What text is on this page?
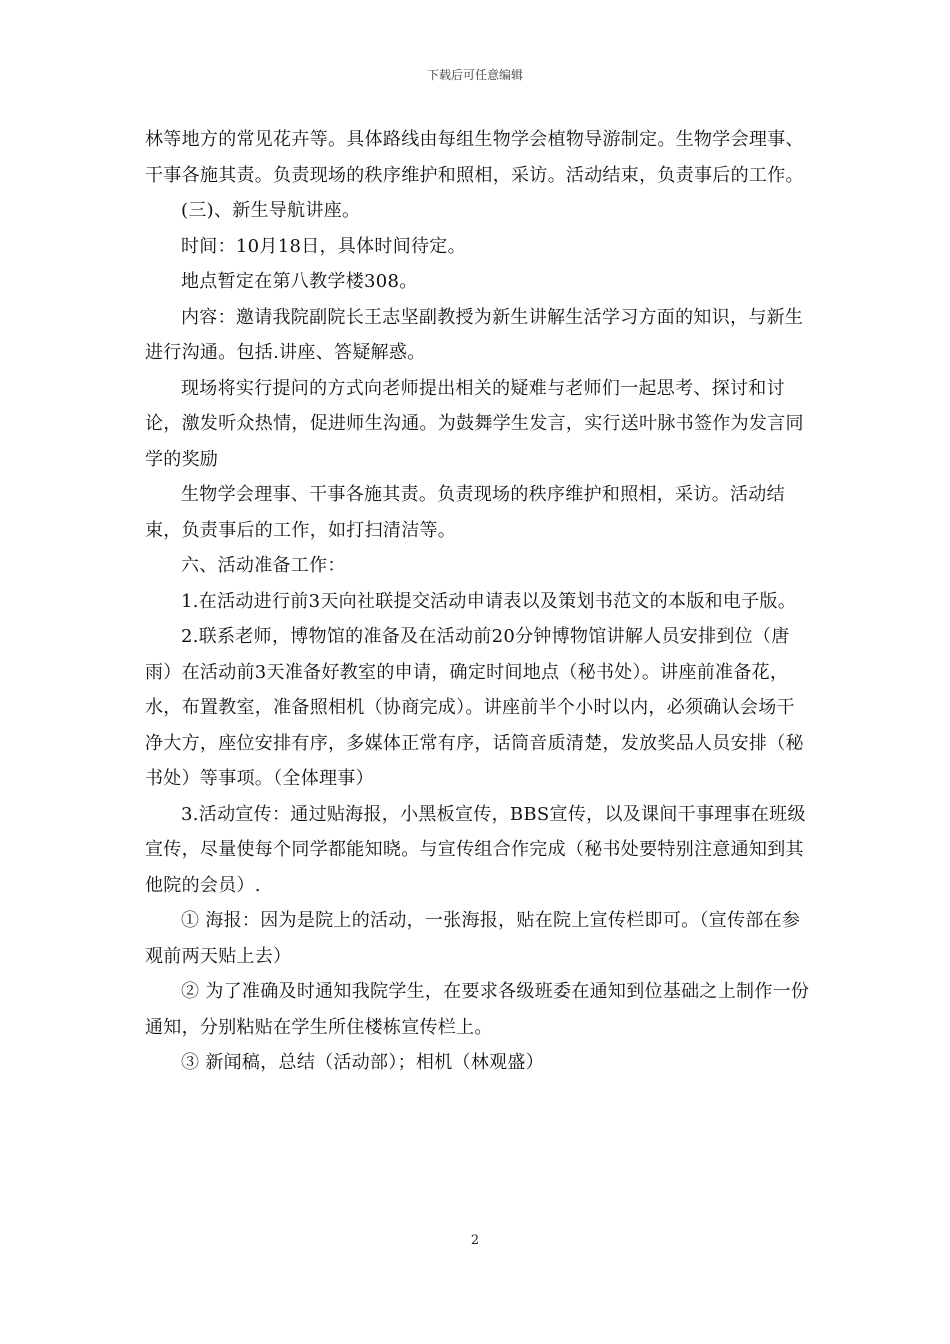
下载后可任意编辑

林等地方的常见花卉等。具体路线由每组生物学会植物导游制定。生物学会理事、干事各施其责。负责现场的秩序维护和照相，采访。活动结束，负责事后的工作。

(三)、新生导航讲座。

时间：10月18日，具体时间待定。

地点暂定在第八教学楼308。

内容：邀请我院副院长王志坚副教授为新生讲解生活学习方面的知识，与新生进行沟通。包括.讲座、答疑解惑。

现场将实行提问的方式向老师提出相关的疑难与老师们一起思考、探讨和讨论，激发听众热情，促进师生沟通。为鼓舞学生发言，实行送叶脉书签作为发言同学的奖励

生物学会理事、干事各施其责。负责现场的秩序维护和照相，采访。活动结束，负责事后的工作，如打扫清洁等。

六、活动准备工作：

1.在活动进行前3天向社联提交活动申请表以及策划书范文的本版和电子版。

2.联系老师，博物馆的准备及在活动前20分钟博物馆讲解人员安排到位（唐雨）在活动前3天准备好教室的申请，确定时间地点（秘书处）。讲座前准备花，水，布置教室，准备照相机（协商完成）。讲座前半个小时以内，必须确认会场干净大方，座位安排有序，多媒体正常有序，话筒音质清楚，发放奖品人员安排（秘书处）等事项。（全体理事）

3.活动宣传：通过贴海报，小黑板宣传，BBS宣传，以及课间干事理事在班级宣传，尽量使每个同学都能知晓。与宣传组合作完成（秘书处要特别注意通知到其他院的会员）.

① 海报：因为是院上的活动，一张海报，贴在院上宣传栏即可。（宣传部在参观前两天贴上去）

② 为了准确及时通知我院学生，在要求各级班委在通知到位基础之上制作一份通知，分别粘贴在学生所住楼栋宣传栏上。

③ 新闻稿，总结（活动部）；相机（林观盛）

2
